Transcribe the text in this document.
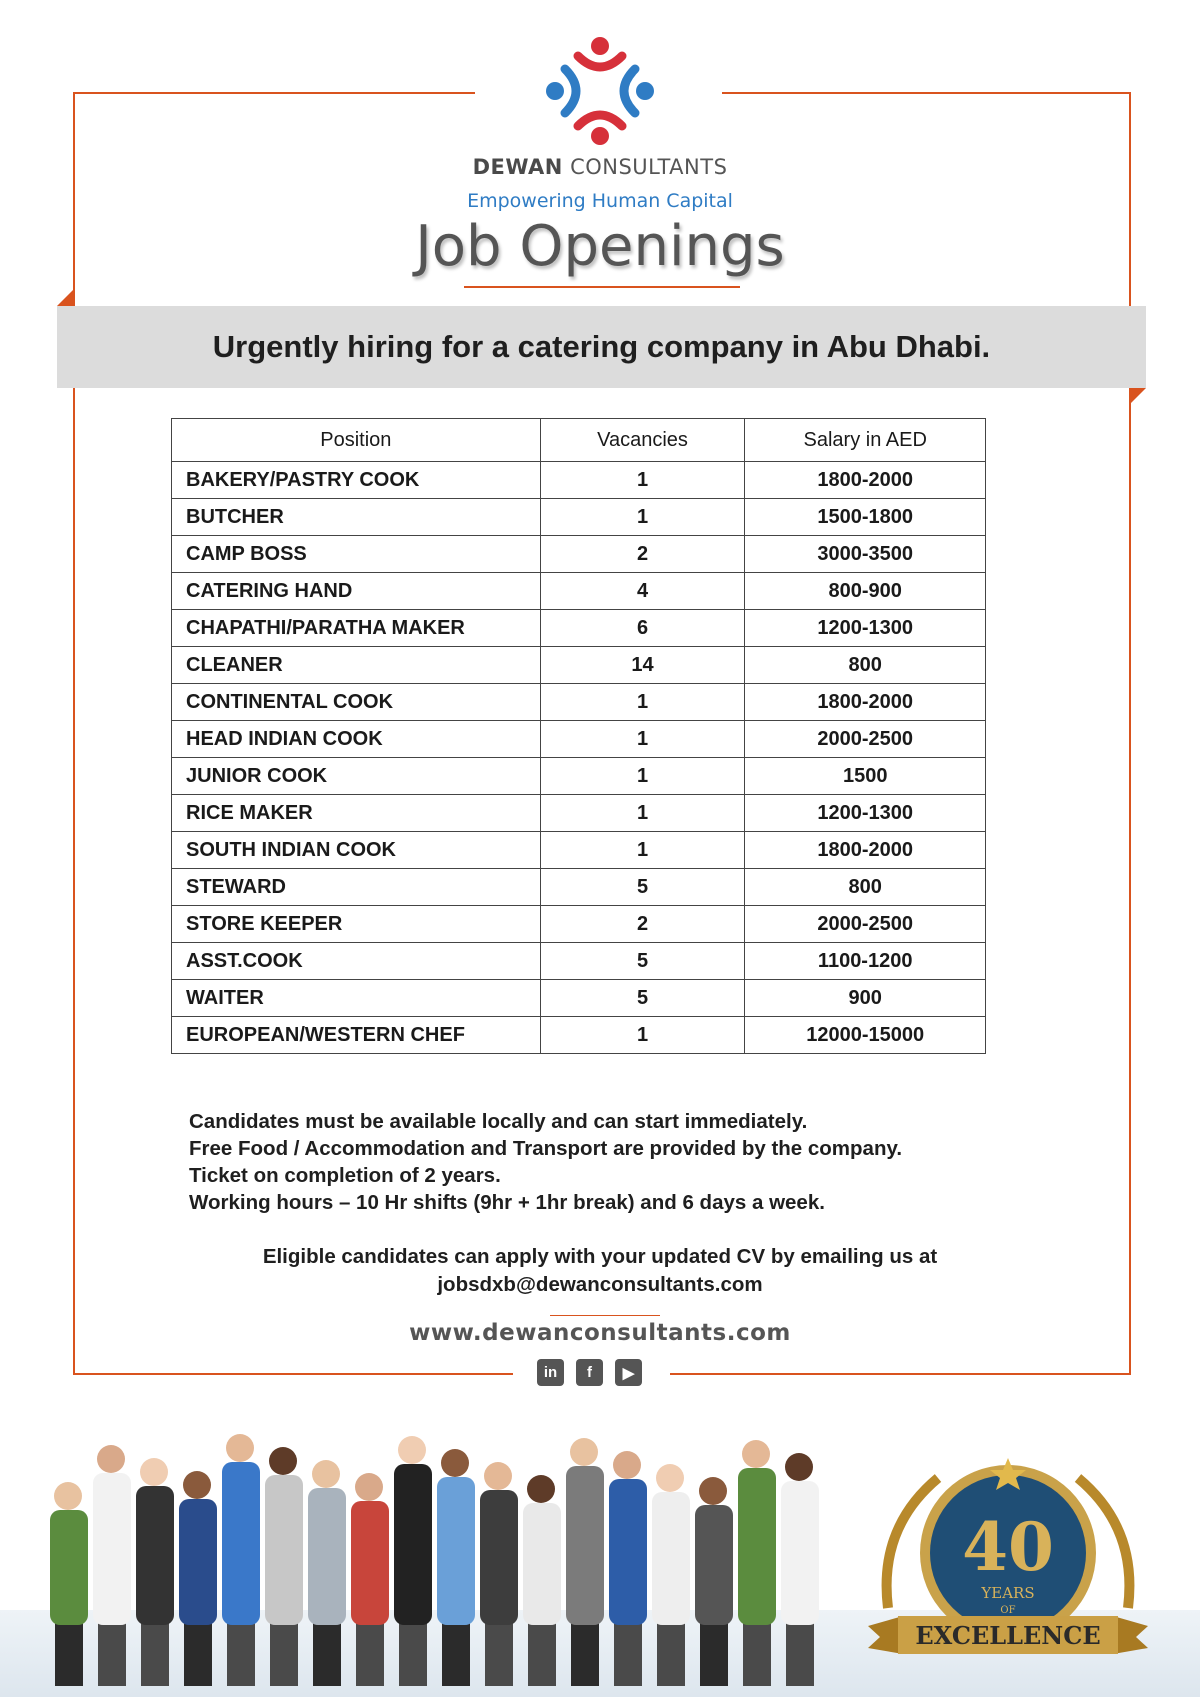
DEWAN CONSULTANTS
Empowering Human Capital
Job Openings
Urgently hiring for a catering company in Abu Dhabi.
Position	Vacancies	Salary in AED
BAKERY/PASTRY COOK	1	1800-2000
BUTCHER	1	1500-1800
CAMP BOSS	2	3000-3500
CATERING HAND	4	800-900
CHAPATHI/PARATHA MAKER	6	1200-1300
CLEANER	14	800
CONTINENTAL COOK	1	1800-2000
HEAD INDIAN COOK	1	2000-2500
JUNIOR COOK	1	1500
RICE MAKER	1	1200-1300
SOUTH INDIAN COOK	1	1800-2000
STEWARD	5	800
STORE KEEPER	2	2000-2500
ASST.COOK	5	1100-1200
WAITER	5	900
EUROPEAN/WESTERN CHEF	1	12000-15000
Candidates must be available locally and can start immediately.
Free Food / Accommodation and Transport are provided by the company.
Ticket on completion of 2 years.
Working hours – 10 Hr shifts (9hr + 1hr break) and 6 days a week.
Eligible candidates can apply with your updated CV by emailing us at
jobsdxb@dewanconsultants.com
www.dewanconsultants.com
in	f	▶
40
YEARS
OF
EXCELLENCE
